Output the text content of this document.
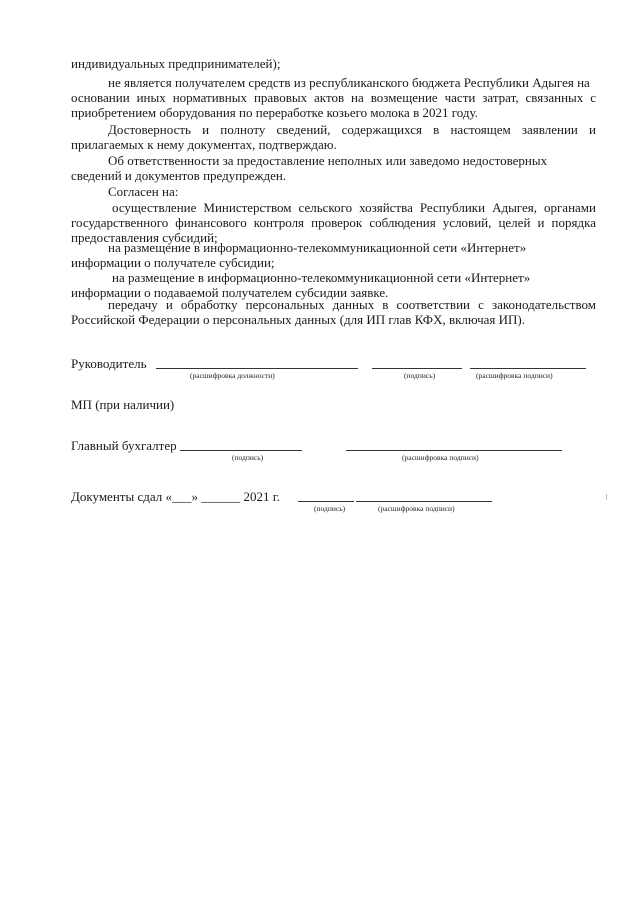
индивидуальных предпринимателей);
не является получателем средств из республиканского бюджета Республики Адыгея на
основании иных нормативных правовых актов на возмещение части затрат, связанных с
приобретением оборудования по переработке козьего молока в 2021 году.
Достоверность и полноту сведений, содержащихся в настоящем заявлении и
прилагаемых к нему документах, подтверждаю.
Об ответственности за предоставление неполных или заведомо недостоверных
сведений и документов предупрежден.
Согласен на:
осуществление Министерством сельского хозяйства Республики Адыгея, органами
государственного финансового контроля проверок соблюдения условий, целей и порядка
предоставления субсидий;
на размещение в информационно-телекоммуникационной сети «Интернет»
информации о получателе субсидии;
на размещение в информационно-телекоммуникационной сети «Интернет»
информации о подаваемой получателем субсидии заявке.
передачу и обработку персональных данных в соответствии с законодательством
Российской Федерации о персональных данных (для ИП глав КФХ, включая ИП).
Руководитель
(расшифровка должности)	(подпись)	(расшифровка подписи)
МП (при наличии)
Главный бухгалтер
(подпись)	(расшифровка подписи)
Документы сдал «___» ______ 2021 г.
(подпись)	(расшифровка подписи)
